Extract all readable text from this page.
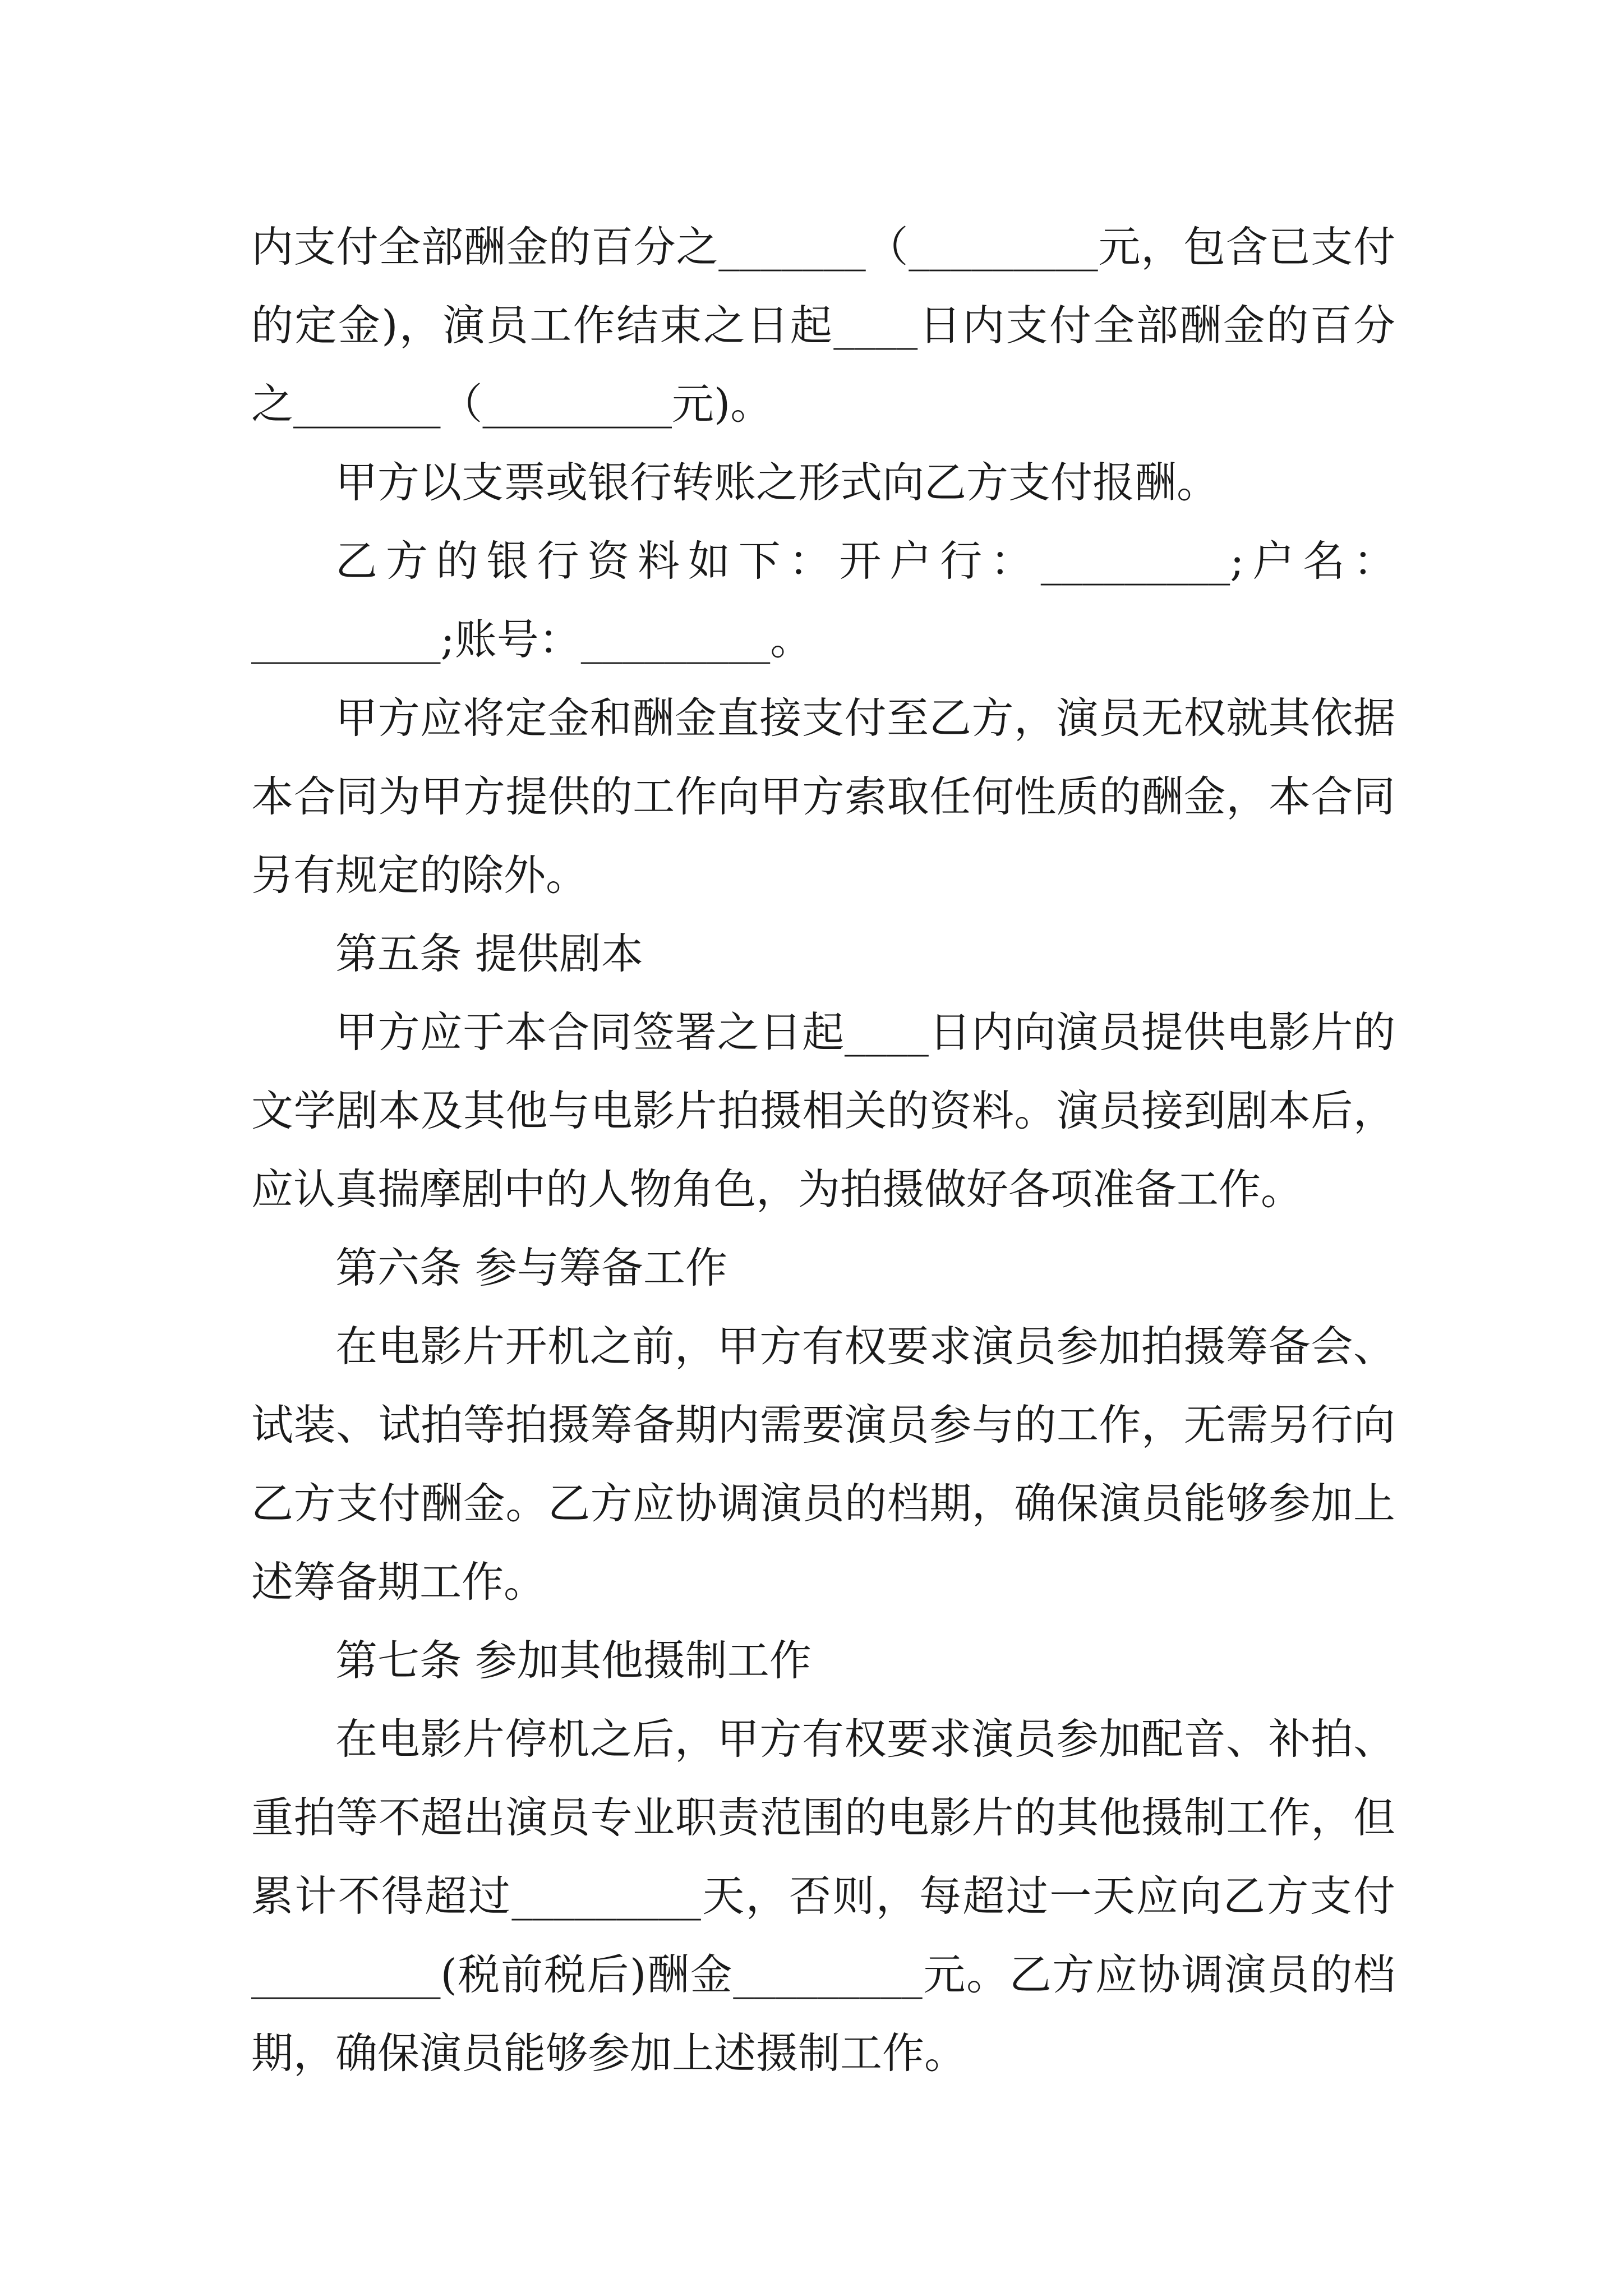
内支付全部酬金的百分之_______（_________元，包含已支付的定金)，演员工作结束之日起____日内支付全部酬金的百分之_______（_________元)。

甲方以支票或银行转账之形式向乙方支付报酬。

乙方的银行资料如下：开户行：_________;户名：_________;账号：_________。

甲方应将定金和酬金直接支付至乙方，演员无权就其依据本合同为甲方提供的工作向甲方索取任何性质的酬金，本合同另有规定的除外。

第五条 提供剧本

甲方应于本合同签署之日起____日内向演员提供电影片的文学剧本及其他与电影片拍摄相关的资料。演员接到剧本后，应认真揣摩剧中的人物角色，为拍摄做好各项准备工作。

第六条 参与筹备工作

在电影片开机之前，甲方有权要求演员参加拍摄筹备会、试装、试拍等拍摄筹备期内需要演员参与的工作，无需另行向乙方支付酬金。乙方应协调演员的档期，确保演员能够参加上述筹备期工作。

第七条 参加其他摄制工作

在电影片停机之后，甲方有权要求演员参加配音、补拍、重拍等不超出演员专业职责范围的电影片的其他摄制工作，但累计不得超过_________天，否则，每超过一天应向乙方支付_________(税前税后)酬金_________元。乙方应协调演员的档期，确保演员能够参加上述摄制工作。
